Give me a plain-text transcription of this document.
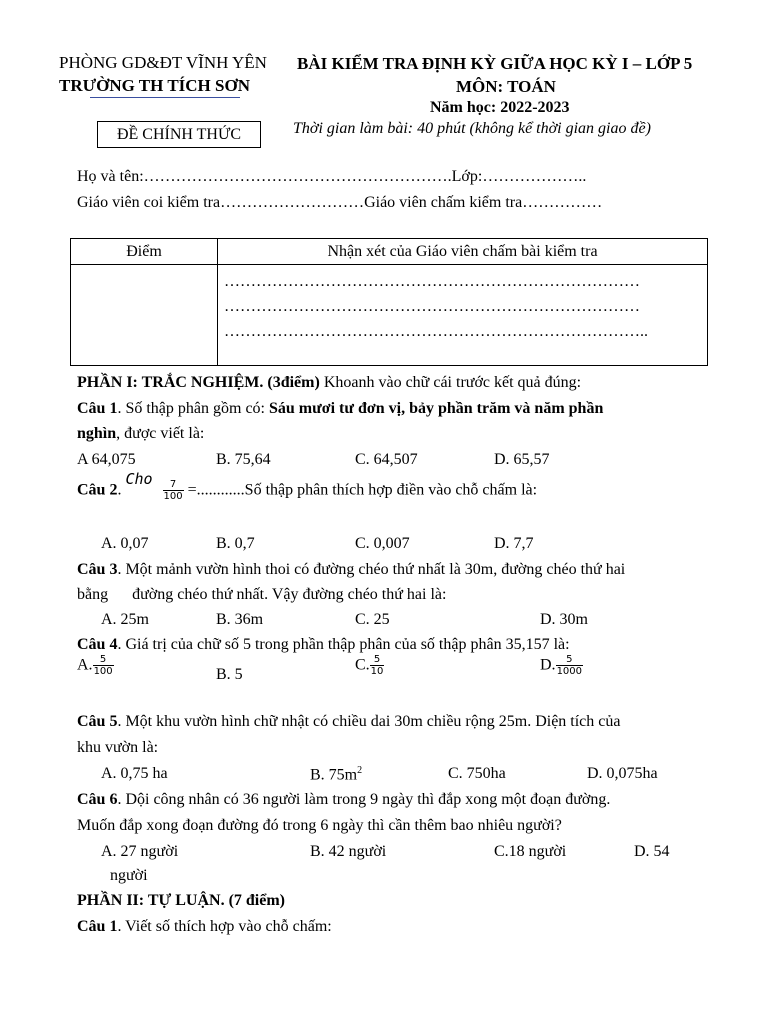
PHÒNG GD&ĐT VĨNH YÊN
TRƯỜNG TH TÍCH SƠN
BÀI KIỂM TRA ĐỊNH KỲ GIỮA HỌC KỲ I – LỚP 5
MÔN: TOÁN
Năm học: 2022-2023
ĐỀ CHÍNH THỨC	Thời gian làm bài: 40 phút (không kể thời gian giao đề)
Họ và tên:………………………………………………….Lớp:………………..
Giáo viên coi kiểm tra………………………Giáo viên chấm kiểm tra……………
Điểm	Nhận xét của Giáo viên chấm bài kiểm tra

	……………………………………………………………………
……………………………………………………………………
……………………………………………………………………..
PHẦN I: TRẮC NGHIỆM. (3điểm) Khoanh vào chữ cái trước kết quả đúng:
Câu 1. Số thập phân gồm có: Sáu mươi tư đơn vị, bảy phần trăm và năm phần
nghìn, được viết là:
A 64,075	B. 75,64	C. 64,507	D. 65,57
Câu 2. Cho $\frac{7}{100}$ =............Số thập phân thích hợp điền vào chỗ chấm là:
A. 0,07	B. 0,7	C. 0,007	D. 7,7
Câu 3. Một mảnh vườn hình thoi có đường chéo thứ nhất là 30m, đường chéo thứ hai
bằng      đường chéo thứ nhất. Vậy đường chéo thứ hai là:
A. 25m	B. 36m	C. 25	D. 30m
Câu 4. Giá trị của chữ số 5 trong phần thập phân của số thập phân 35,157 là:
A. $\frac{5}{100}$	B. 5
C. $\frac{5}{10}$	D. $\frac{5}{1000}$
Câu 5. Một khu vườn hình chữ nhật có chiều dai 30m chiều rộng 25m. Diện tích của
khu vườn là:
A. 0,75 ha	B. $75m^2$	C. 750ha	D. 0,075ha
Câu 6. Dội công nhân có 36 người làm trong 9 ngày thì đắp xong một đoạn đường.
Muốn đắp xong đoạn đường đó trong 6 ngày thì cần thêm bao nhiêu người?
A. 27 người	B. 42 người	C.18 người	D. 54
người
PHẦN II: TỰ LUẬN. (7 điểm)
Câu 1. Viết số thích hợp vào chỗ chấm:
